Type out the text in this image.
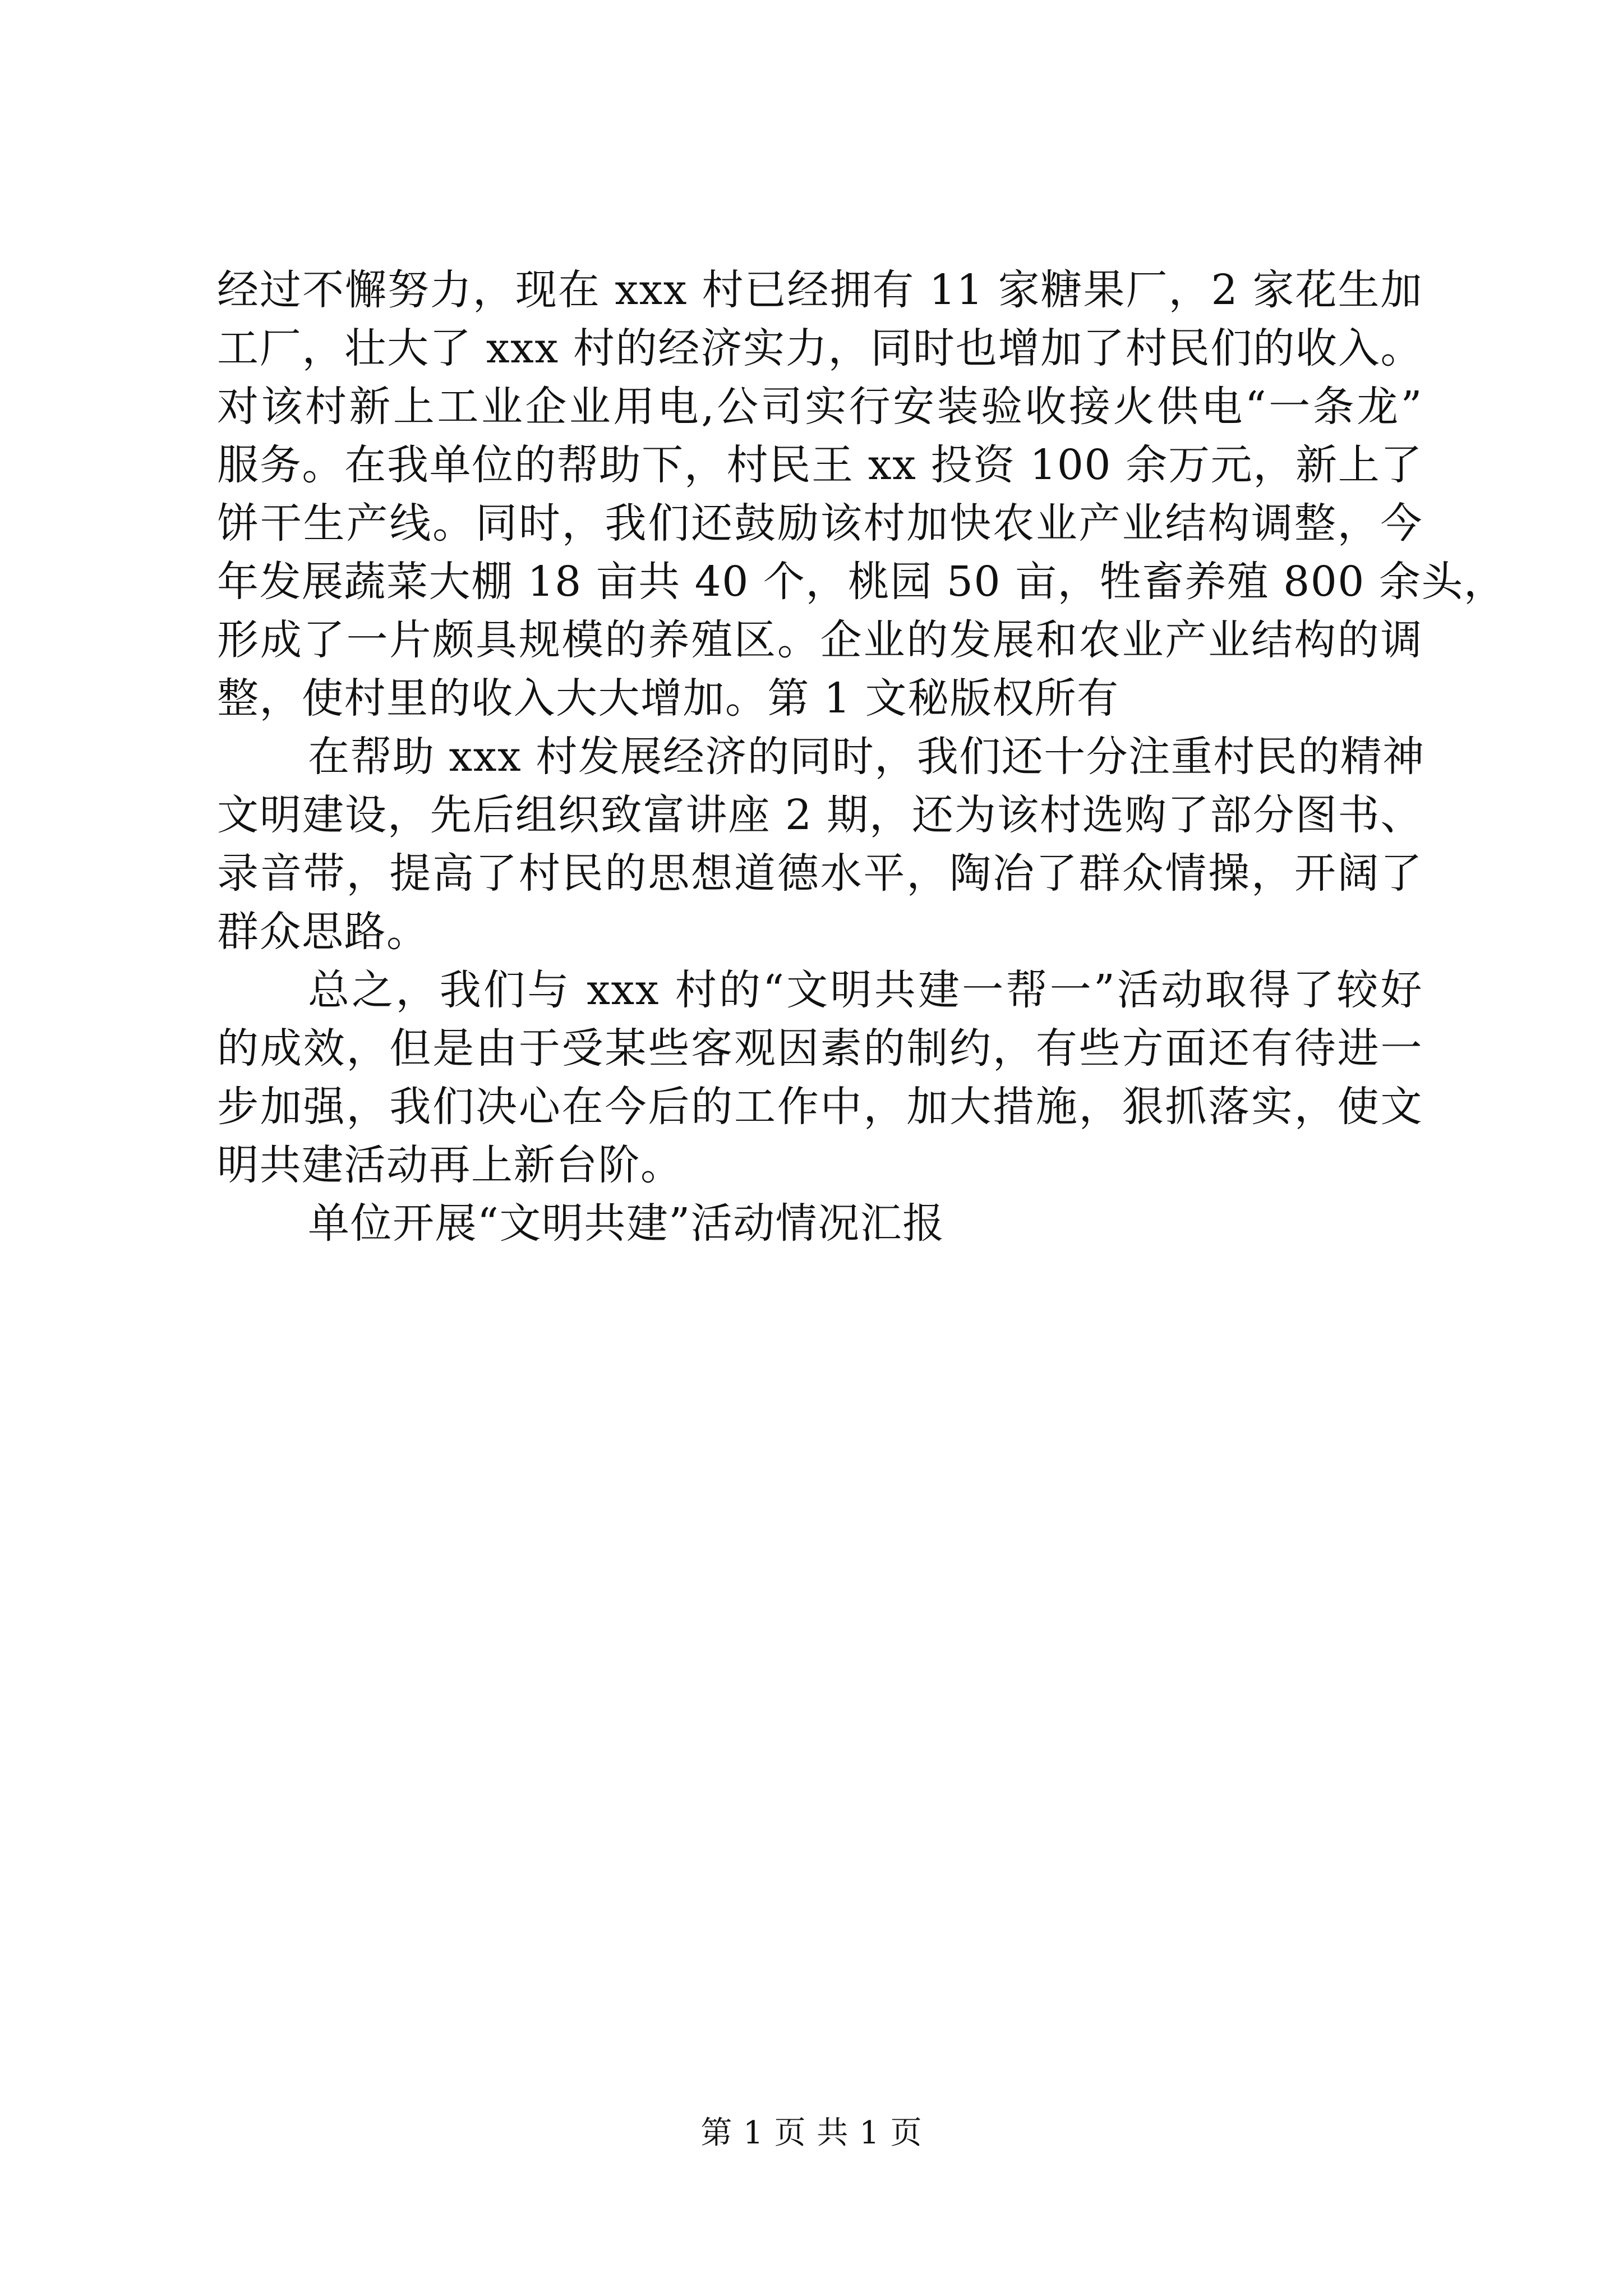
经过不懈努力，现在 xxx 村已经拥有 11 家糖果厂，2 家花生加

工厂，壮大了 xxx 村的经济实力，同时也增加了村民们的收入。

对该村新上工业企业用电,公司实行安装验收接火供电“一条龙”

服务。在我单位的帮助下，村民王 xx 投资 100 余万元，新上了

饼干生产线。同时，我们还鼓励该村加快农业产业结构调整，今

年发展蔬菜大棚 18 亩共 40 个，桃园 50 亩，牲畜养殖 800 余头，

形成了一片颇具规模的养殖区。企业的发展和农业产业结构的调

整，使村里的收入大大增加。第 1 文秘版权所有

在帮助 xxx 村发展经济的同时，我们还十分注重村民的精神

文明建设，先后组织致富讲座 2 期，还为该村选购了部分图书、

录音带，提高了村民的思想道德水平，陶冶了群众情操，开阔了

群众思路。

总之，我们与 xxx 村的“文明共建一帮一”活动取得了较好

的成效，但是由于受某些客观因素的制约，有些方面还有待进一

步加强，我们决心在今后的工作中，加大措施，狠抓落实，使文

明共建活动再上新台阶。

单位开展“文明共建”活动情况汇报

第 1 页 共 1 页
